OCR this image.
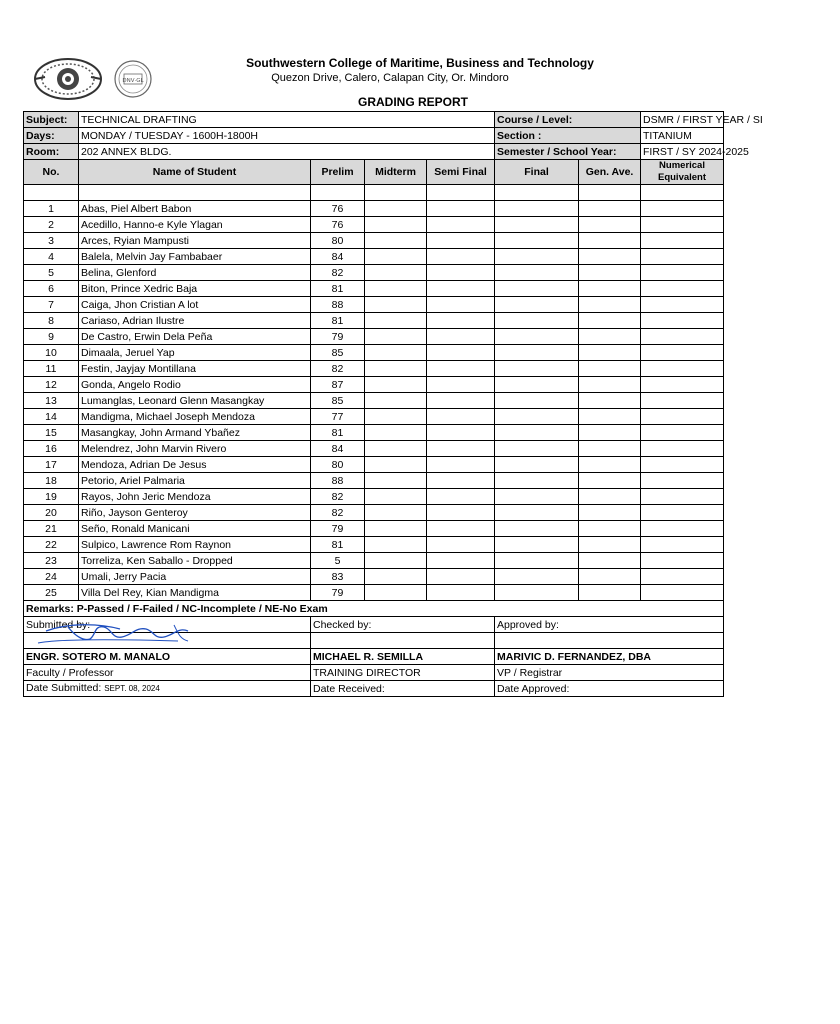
DNV·GL
Southwestern College of Maritime, Business and Technology
Quezon Drive, Calero, Calapan City, Or. Mindoro
GRADING REPORT
Subject:	TECHNICAL DRAFTING				Course / Level:		DSMR / FIRST YEAR / SI
Days:	MONDAY / TUESDAY - 1600H-1800H				Section :		TITANIUM
Room:	202 ANNEX BLDG.				Semester / School Year:		FIRST / SY 2024-2025
No.	Name of Student	Prelim	Midterm	Semi Final	Final	Gen. Ave.	Numerical Equivalent

1	Abas, Piel Albert Babon	76					
2	Acedillo, Hanno-e Kyle Ylagan	76					
3	Arces, Ryian Mampusti	80					
4	Balela, Melvin Jay Fambabaer	84					
5	Belina, Glenford	82					
6	Biton, Prince Xedric Baja	81					
7	Caiga, Jhon Cristian A lot	88					
8	Cariaso, Adrian Ilustre	81					
9	De Castro, Erwin Dela Peña	79					
10	Dimaala, Jeruel Yap	85					
11	Festin, Jayjay Montillana	82					
12	Gonda, Angelo Rodio	87					
13	Lumanglas, Leonard Glenn Masangkay	85					
14	Mandigma, Michael Joseph Mendoza	77					
15	Masangkay, John Armand Ybañez	81					
16	Melendrez, John Marvin Rivero	84					
17	Mendoza, Adrian De Jesus	80					
18	Petorio, Ariel Palmaria	88					
19	Rayos, John Jeric Mendoza	82					
20	Riño, Jayson Genteroy	82					
21	Seño, Ronald Manicani	79					
22	Sulpico, Lawrence Rom Raynon	81					
23	Torreliza, Ken Saballo - Dropped	5					
24	Umali, Jerry Pacia	83					
25	Villa Del Rey, Kian Mandigma	79					
Remarks: P-Passed / F-Failed / NC-Incomplete / NE-No Exam							
Submitted by:	Checked by:	Approved by:

ENGR. SOTERO M. MANALO	MICHAEL R. SEMILLA	MARIVIC D. FERNANDEZ, DBA
Faculty / Professor	TRAINING DIRECTOR	VP / Registrar
Date Submitted: SEPT. 08, 2024	Date Received:	Date Approved:
